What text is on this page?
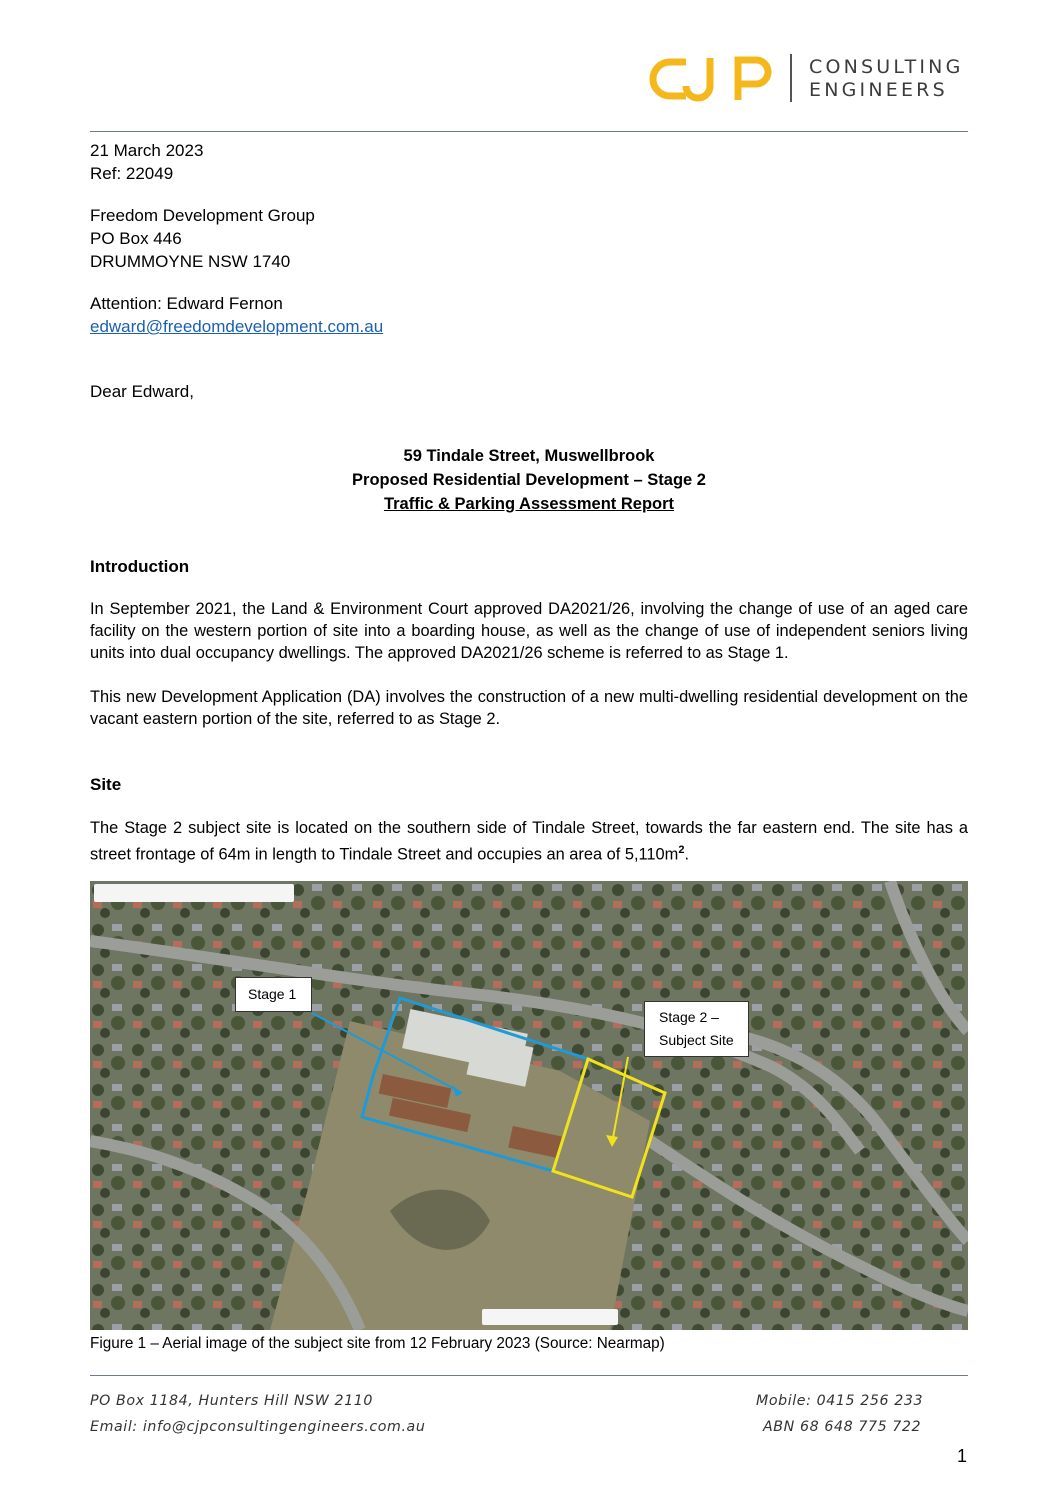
CONSULTING
ENGINEERS
21 March 2023
Ref: 22049
Freedom Development Group
PO Box 446
DRUMMOYNE NSW 1740
Attention: Edward Fernon
edward@freedomdevelopment.com.au
Dear Edward,
59 Tindale Street, Muswellbrook
Proposed Residential Development – Stage 2
Traffic & Parking Assessment Report
Introduction
In September 2021, the Land & Environment Court approved DA2021/26, involving the change of use of an aged care facility on the western portion of site into a boarding house, as well as the change of use of independent seniors living units into dual occupancy dwellings. The approved DA2021/26 scheme is referred to as Stage 1.
This new Development Application (DA) involves the construction of a new multi-dwelling residential development on the vacant eastern portion of the site, referred to as Stage 2.
Site
The Stage 2 subject site is located on the southern side of Tindale Street, towards the far eastern end. The site has a street frontage of 64m in length to Tindale Street and occupies an area of $5,110m^2$.
Stage 1
Stage 2 –
Subject Site
Figure 1 – Aerial image of the subject site from 12 February 2023 (Source: Nearmap)
PO Box 1184, Hunters Hill NSW 2110
Email: info@cjpconsultingengineers.com.au
Mobile: 0415 256 233
ABN 68 648 775 722
1
